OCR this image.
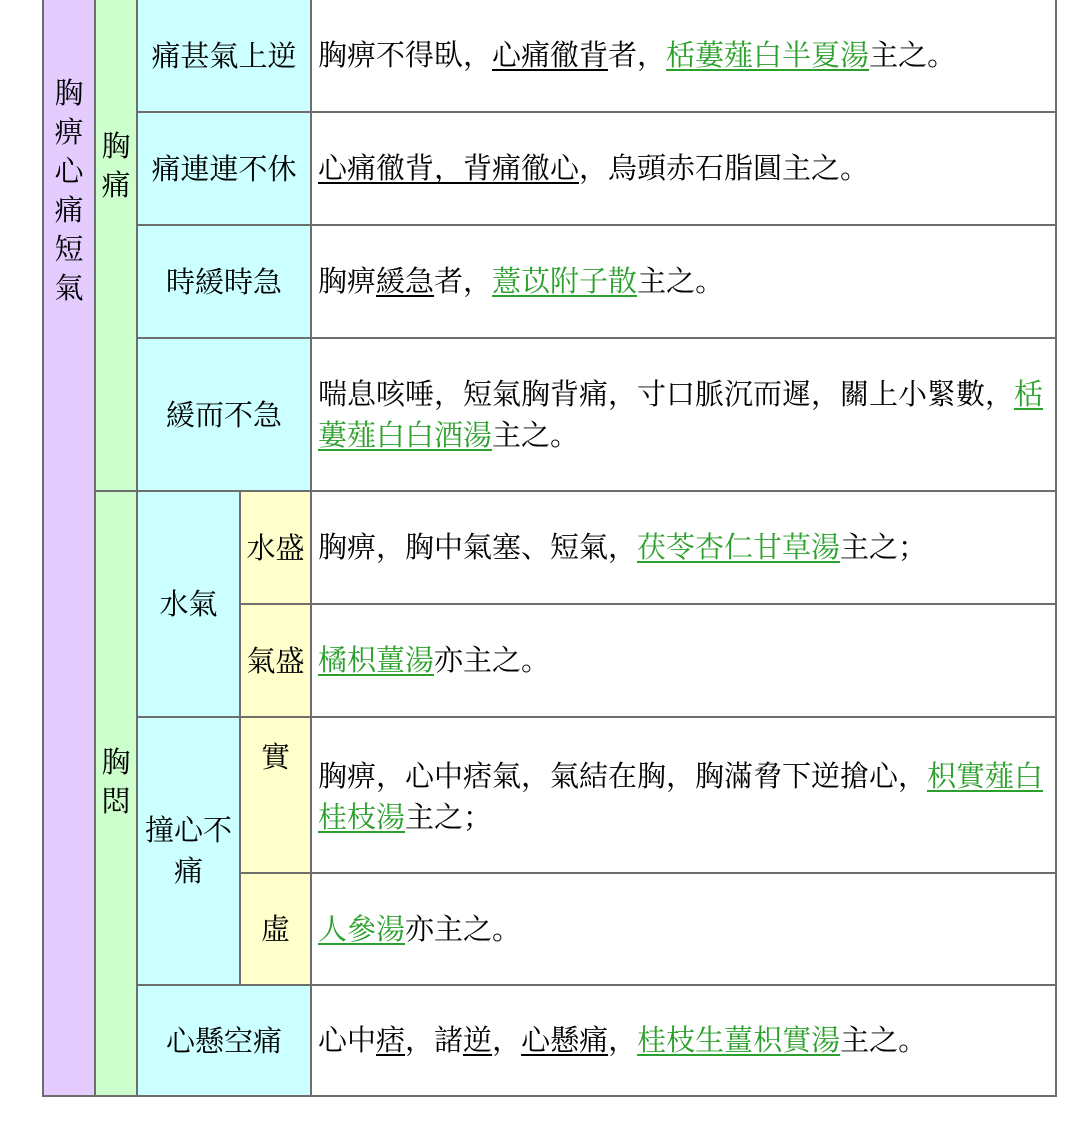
胸痹心痛短氣
胸痛
胸悶
痛甚氣上逆
痛連連不休
時緩時急
緩而不急
水氣
撞心不痛
心懸空痛
水盛
氣盛
實
虛

胸痹不得臥，心痛徹背者，栝蔞薤白半夏湯主之。

心痛徹背，背痛徹心，烏頭赤石脂圓主之。

胸痹緩急者，薏苡附子散主之。

喘息咳唾，短氣胸背痛，寸口脈沉而遲，關上小緊數，栝蔞薤白白酒湯主之。

胸痹，胸中氣塞、短氣，茯苓杏仁甘草湯主之；

橘枳薑湯亦主之。

胸痹，心中痞氣，氣結在胸，胸滿脅下逆搶心，枳實薤白桂枝湯主之；

人參湯亦主之。

心中痞，諸逆，心懸痛，桂枝生薑枳實湯主之。
